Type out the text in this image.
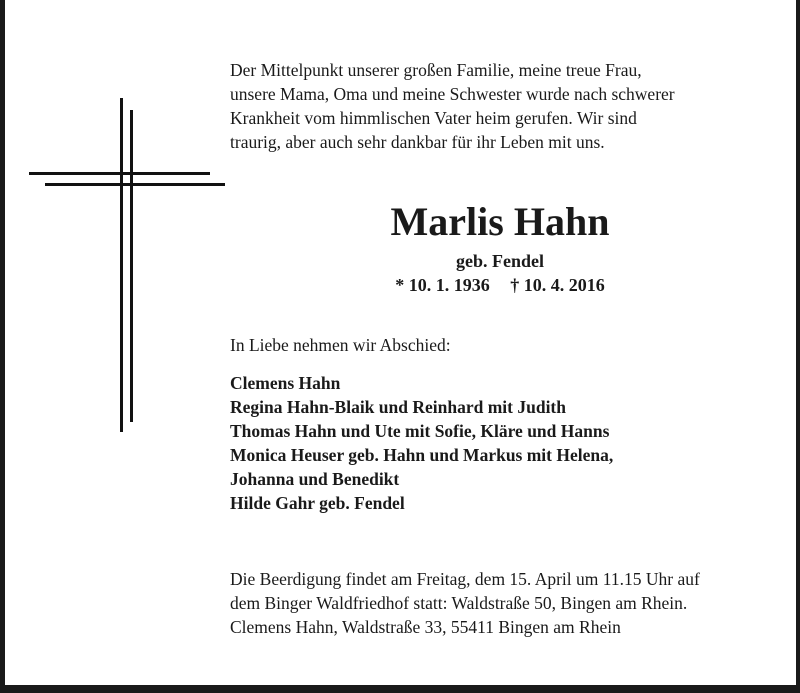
Der Mittelpunkt unserer großen Familie, meine treue Frau,

unsere Mama, Oma und meine Schwester wurde nach schwerer

Krankheit vom himmlischen Vater heim gerufen. Wir sind

traurig, aber auch sehr dankbar für ihr Leben mit uns.

Marlis Hahn
geb. Fendel
* 10. 1. 1936 † 10. 4. 2016
In Liebe nehmen wir Abschied:

Clemens Hahn

Regina Hahn-Blaik und Reinhard mit Judith

Thomas Hahn und Ute mit Sofie, Kläre und Hanns

Monica Heuser geb. Hahn und Markus mit Helena,

Johanna und Benedikt

Hilde Gahr geb. Fendel

Die Beerdigung findet am Freitag, dem 15. April um 11.15 Uhr auf

dem Binger Waldfriedhof statt: Waldstraße 50, Bingen am Rhein.

Clemens Hahn, Waldstraße 33, 55411 Bingen am Rhein
